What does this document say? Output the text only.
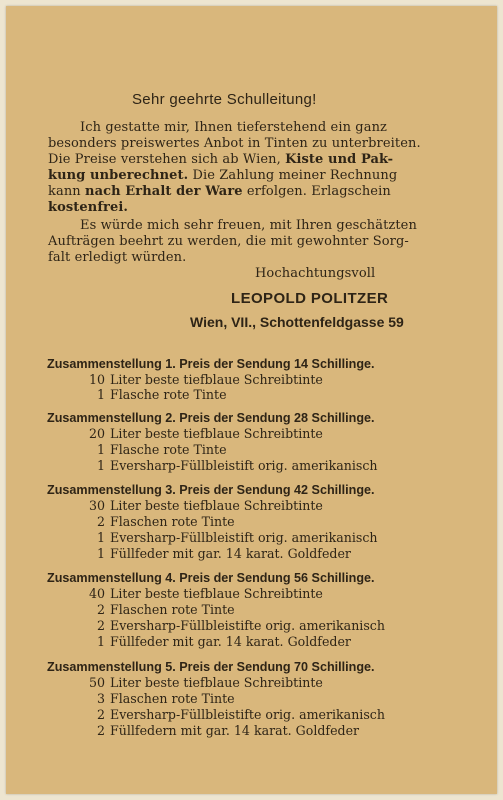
Sehr geehrte Schulleitung!
Ich gestatte mir, Ihnen tieferstehend ein ganz
besonders preiswertes Anbot in Tinten zu unterbreiten.
Die Preise verstehen sich ab Wien, Kiste und Pak-
kung unberechnet. Die Zahlung meiner Rechnung
kann nach Erhalt der Ware erfolgen. Erlagschein
kostenfrei.
Es würde mich sehr freuen, mit Ihren geschätzten
Aufträgen beehrt zu werden, die mit gewohnter Sorg-
falt erledigt würden.
Hochachtungsvoll
LEOPOLD POLITZER
Wien, VII., Schottenfeldgasse 59
Zusammenstellung 1. Preis der Sendung 14 Schillinge.
10 Liter beste tiefblaue Schreibtinte
1 Flasche rote Tinte
Zusammenstellung 2. Preis der Sendung 28 Schillinge.
20 Liter beste tiefblaue Schreibtinte
1 Flasche rote Tinte
1 Eversharp-Füllbleistift orig. amerikanisch
Zusammenstellung 3. Preis der Sendung 42 Schillinge.
30 Liter beste tiefblaue Schreibtinte
2 Flaschen rote Tinte
1 Eversharp-Füllbleistift orig. amerikanisch
1 Füllfeder mit gar. 14 karat. Goldfeder
Zusammenstellung 4. Preis der Sendung 56 Schillinge.
40 Liter beste tiefblaue Schreibtinte
2 Flaschen rote Tinte
2 Eversharp-Füllbleistifte orig. amerikanisch
1 Füllfeder mit gar. 14 karat. Goldfeder
Zusammenstellung 5. Preis der Sendung 70 Schillinge.
50 Liter beste tiefblaue Schreibtinte
3 Flaschen rote Tinte
2 Eversharp-Füllbleistifte orig. amerikanisch
2 Füllfedern mit gar. 14 karat. Goldfeder
